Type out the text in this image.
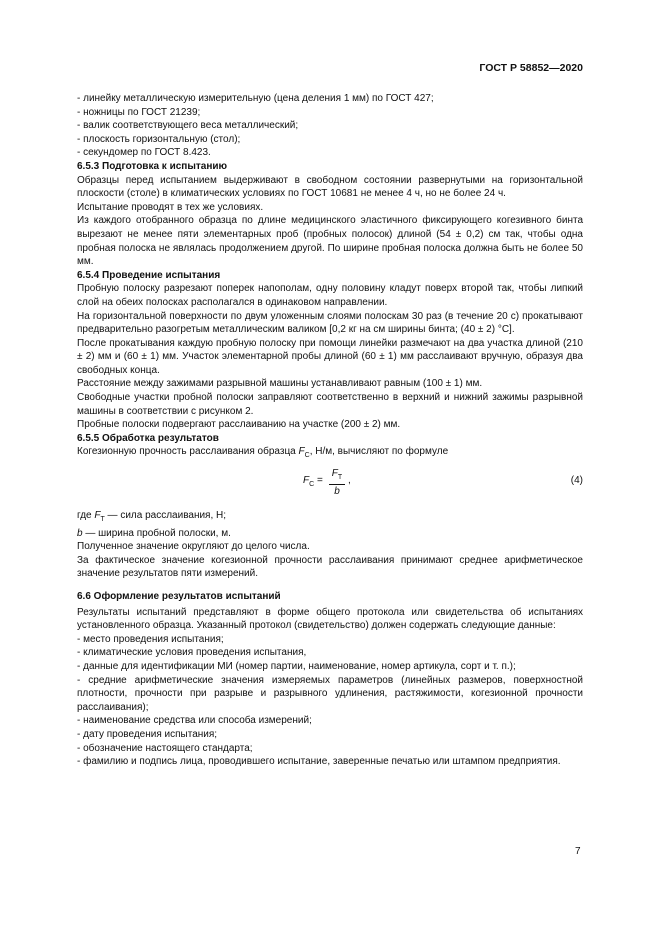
ГОСТ Р 58852—2020

- линейку металлическую измерительную (цена деления 1 мм) по ГОСТ 427;

- ножницы по ГОСТ 21239;

- валик соответствующего веса металлический;

- плоскость горизонтальную (стол);

- секундомер по ГОСТ 8.423.

6.5.3 Подготовка к испытанию

Образцы перед испытанием выдерживают в свободном состоянии развернутыми на горизонтальной плоскости (столе) в климатических условиях по ГОСТ 10681 не менее 4 ч, но не более 24 ч.

Испытание проводят в тех же условиях.

Из каждого отобранного образца по длине медицинского эластичного фиксирующего когезивного бинта вырезают не менее пяти элементарных проб (пробных полосок) длиной (54 ± 0,2) см так, чтобы одна пробная полоска не являлась продолжением другой. По ширине пробная полоска должна быть не более 50 мм.

6.5.4 Проведение испытания

Пробную полоску разрезают поперек напополам, одну половину кладут поверх второй так, чтобы липкий слой на обеих полосках располагался в одинаковом направлении.

На горизонтальной поверхности по двум уложенным слоями полоскам 30 раз (в течение 20 с) прокатывают предварительно разогретым металлическим валиком [0,2 кг на см ширины бинта; (40 ± 2) °С].

После прокатывания каждую пробную полоску при помощи линейки размечают на два участка длиной (210 ± 2) мм и (60 ± 1) мм. Участок элементарной пробы длиной (60 ± 1) мм расслаивают вручную, образуя два свободных конца.

Расстояние между зажимами разрывной машины устанавливают равным (100 ± 1) мм.

Свободные участки пробной полоски заправляют соответственно в верхний и нижний зажимы разрывной машины в соответствии с рисунком 2.

Пробные полоски подвергают расслаиванию на участке (200 ± 2) мм.

6.5.5 Обработка результатов

Когезионную прочность расслаивания образца $F_С$, Н/м, вычисляют по формуле

$F_С$ =
$F_Т$
b
,	(4)

где $F_Т$ — сила расслаивания, Н;

b — ширина пробной полоски, м.

Полученное значение округляют до целого числа.

За фактическое значение когезионной прочности расслаивания принимают среднее арифметическое значение результатов пяти измерений.

6.6 Оформление результатов испытаний

Результаты испытаний представляют в форме общего протокола или свидетельства об испытаниях установленного образца. Указанный протокол (свидетельство) должен содержать следующие данные:

- место проведения испытания;

- климатические условия проведения испытания,

- данные для идентификации МИ (номер партии, наименование, номер артикула, сорт и т. п.);

- средние арифметические значения измеряемых параметров (линейных размеров, поверхностной плотности, прочности при разрыве и разрывного удлинения, растяжимости, когезионной прочности расслаивания);

- наименование средства или способа измерений;

- дату проведения испытания;

- обозначение настоящего стандарта;

- фамилию и подпись лица, проводившего испытание, заверенные печатью или штампом предприятия.

7
